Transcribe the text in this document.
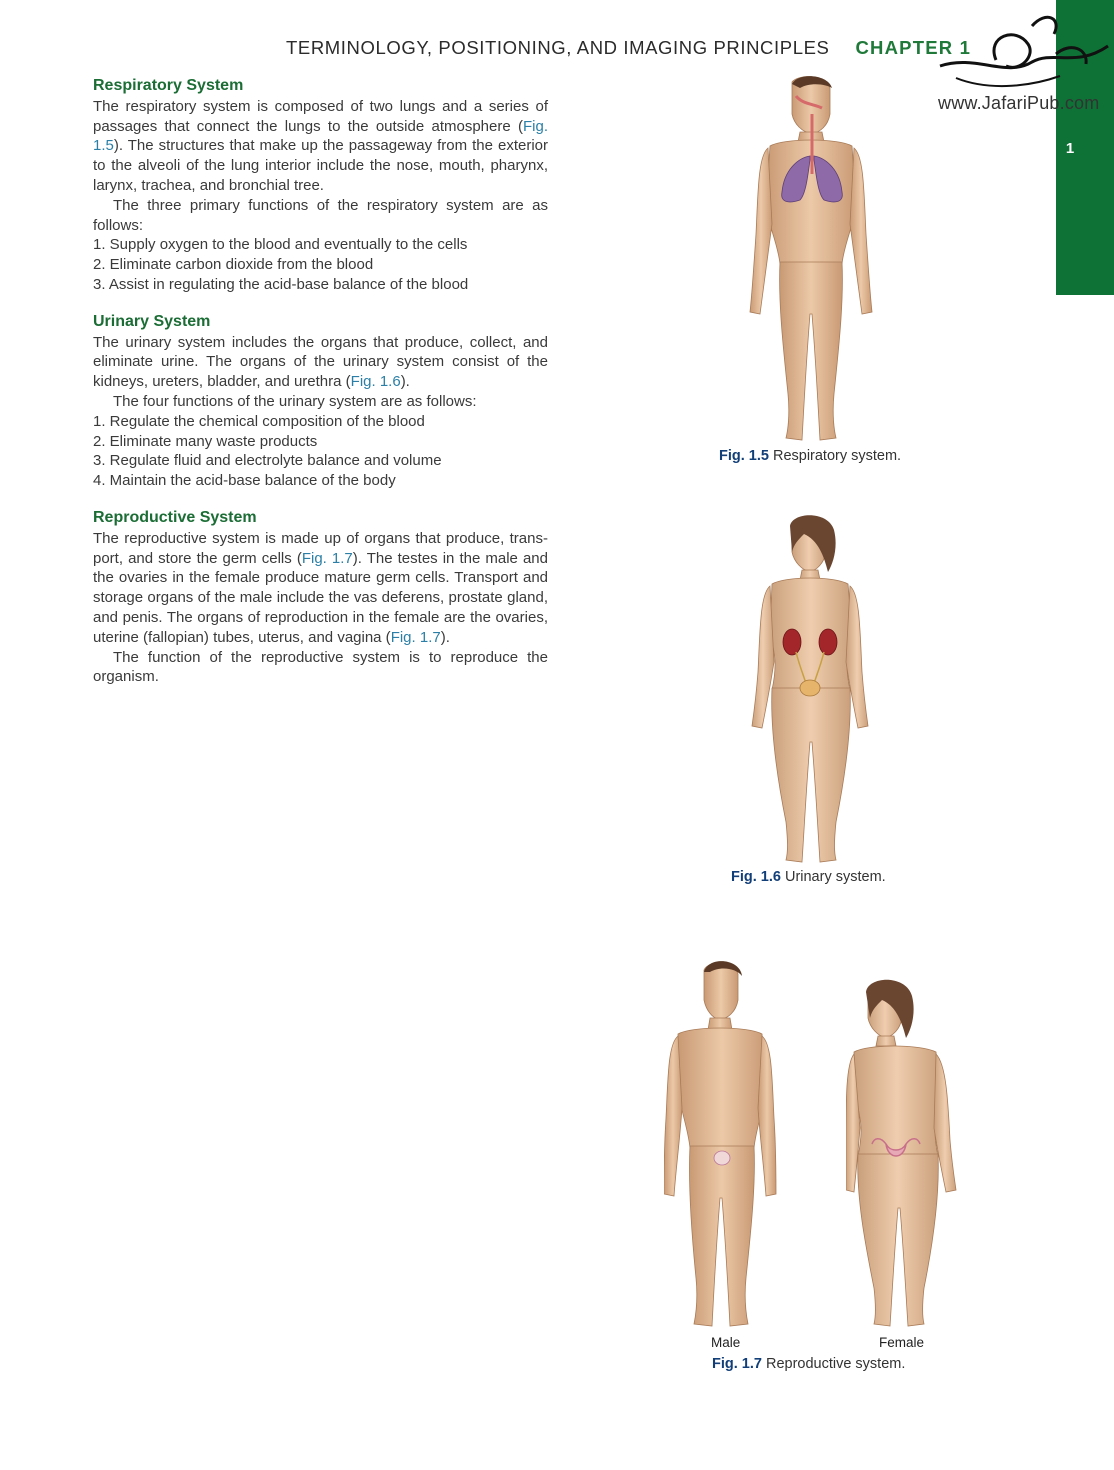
TERMINOLOGY, POSITIONING, AND IMAGING PRINCIPLES CHAPTER 1
1
www.JafariPub.com
Respiratory System

The respiratory system is composed of two lungs and a series of passages that connect the lungs to the outside atmosphere (Fig. 1.5). The structures that make up the passageway from the exterior to the alveoli of the lung interior include the nose, mouth, pharynx, larynx, trachea, and bronchial tree.

The three primary functions of the respiratory system are as follows:

1. Supply oxygen to the blood and eventually to the cells
2. Eliminate carbon dioxide from the blood
3. Assist in regulating the acid-base balance of the blood
Urinary System

The urinary system includes the organs that produce, collect, and eliminate urine. The organs of the urinary system consist of the kidneys, ureters, bladder, and urethra (Fig. 1.6).

The four functions of the urinary system are as follows:

1. Regulate the chemical composition of the blood
2. Eliminate many waste products
3. Regulate fluid and electrolyte balance and volume
4. Maintain the acid-base balance of the body
Reproductive System

The reproductive system is made up of organs that produce, trans-port, and store the germ cells (Fig. 1.7). The testes in the male and the ovaries in the female produce mature germ cells. Transport and storage organs of the male include the vas deferens, prostate gland, and penis. The organs of reproduction in the female are the ovaries, uterine (fallopian) tubes, uterus, and vagina (Fig. 1.7).

The function of the reproductive system is to reproduce the organism.

Fig. 1.5 Respiratory system.
Fig. 1.6 Urinary system.
Male	Female
Fig. 1.7 Reproductive system.
